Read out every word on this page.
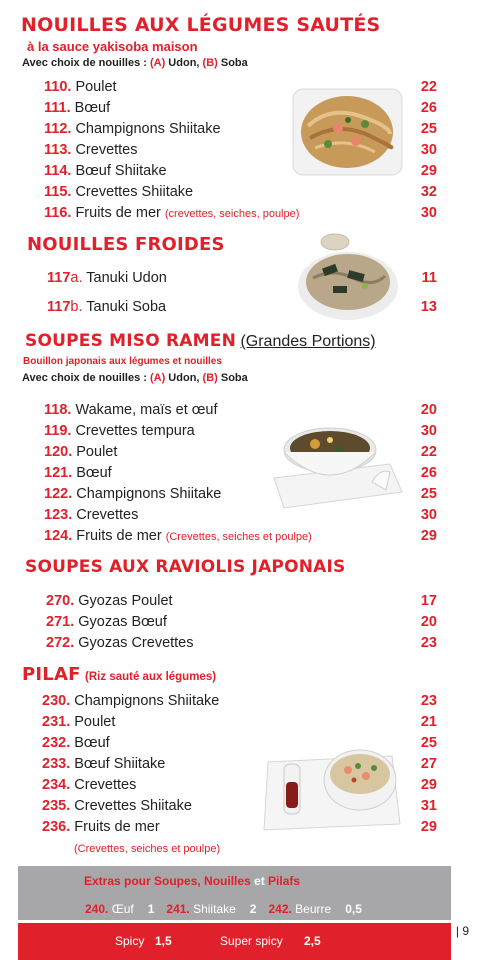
NOUILLES AUX LÉGUMES SAUTÉS
à la sauce yakisoba maison
Avec choix de nouilles : (A) Udon, (B) Soba
110. Poulet	22
111. Bœuf	26
112. Champignons Shiitake	25
113. Crevettes	30
114. Bœuf Shiitake	29
115. Crevettes Shiitake	32
116. Fruits de mer (crevettes, seiches, poulpe)	30
NOUILLES FROIDES
117a. Tanuki Udon	11
117b. Tanuki Soba	13
SOUPES MISO RAMEN (Grandes Portions)
Bouillon japonais aux légumes et nouilles
Avec choix de nouilles : (A) Udon, (B) Soba
118. Wakame, maïs et œuf	20
119. Crevettes tempura	30
120. Poulet	22
121. Bœuf	26
122. Champignons Shiitake	25
123. Crevettes	30
124. Fruits de mer (Crevettes, seiches et poulpe)	29
SOUPES AUX RAVIOLIS JAPONAIS
270. Gyozas Poulet	17
271. Gyozas Bœuf	20
272. Gyozas Crevettes	23
PILAF (Riz sauté aux légumes)
230. Champignons Shiitake	23
231. Poulet	21
232. Bœuf	25
233. Bœuf Shiitake	27
234. Crevettes	29
235. Crevettes Shiitake	31
236. Fruits de mer	29
(Crevettes, seiches et poulpe)
Extras pour Soupes, Nouilles et Pilafs
240. Œuf 1 241. Shiitake 2 242. Beurre 0,5
Spicy 1,5	Super spicy 2,5
| 9
